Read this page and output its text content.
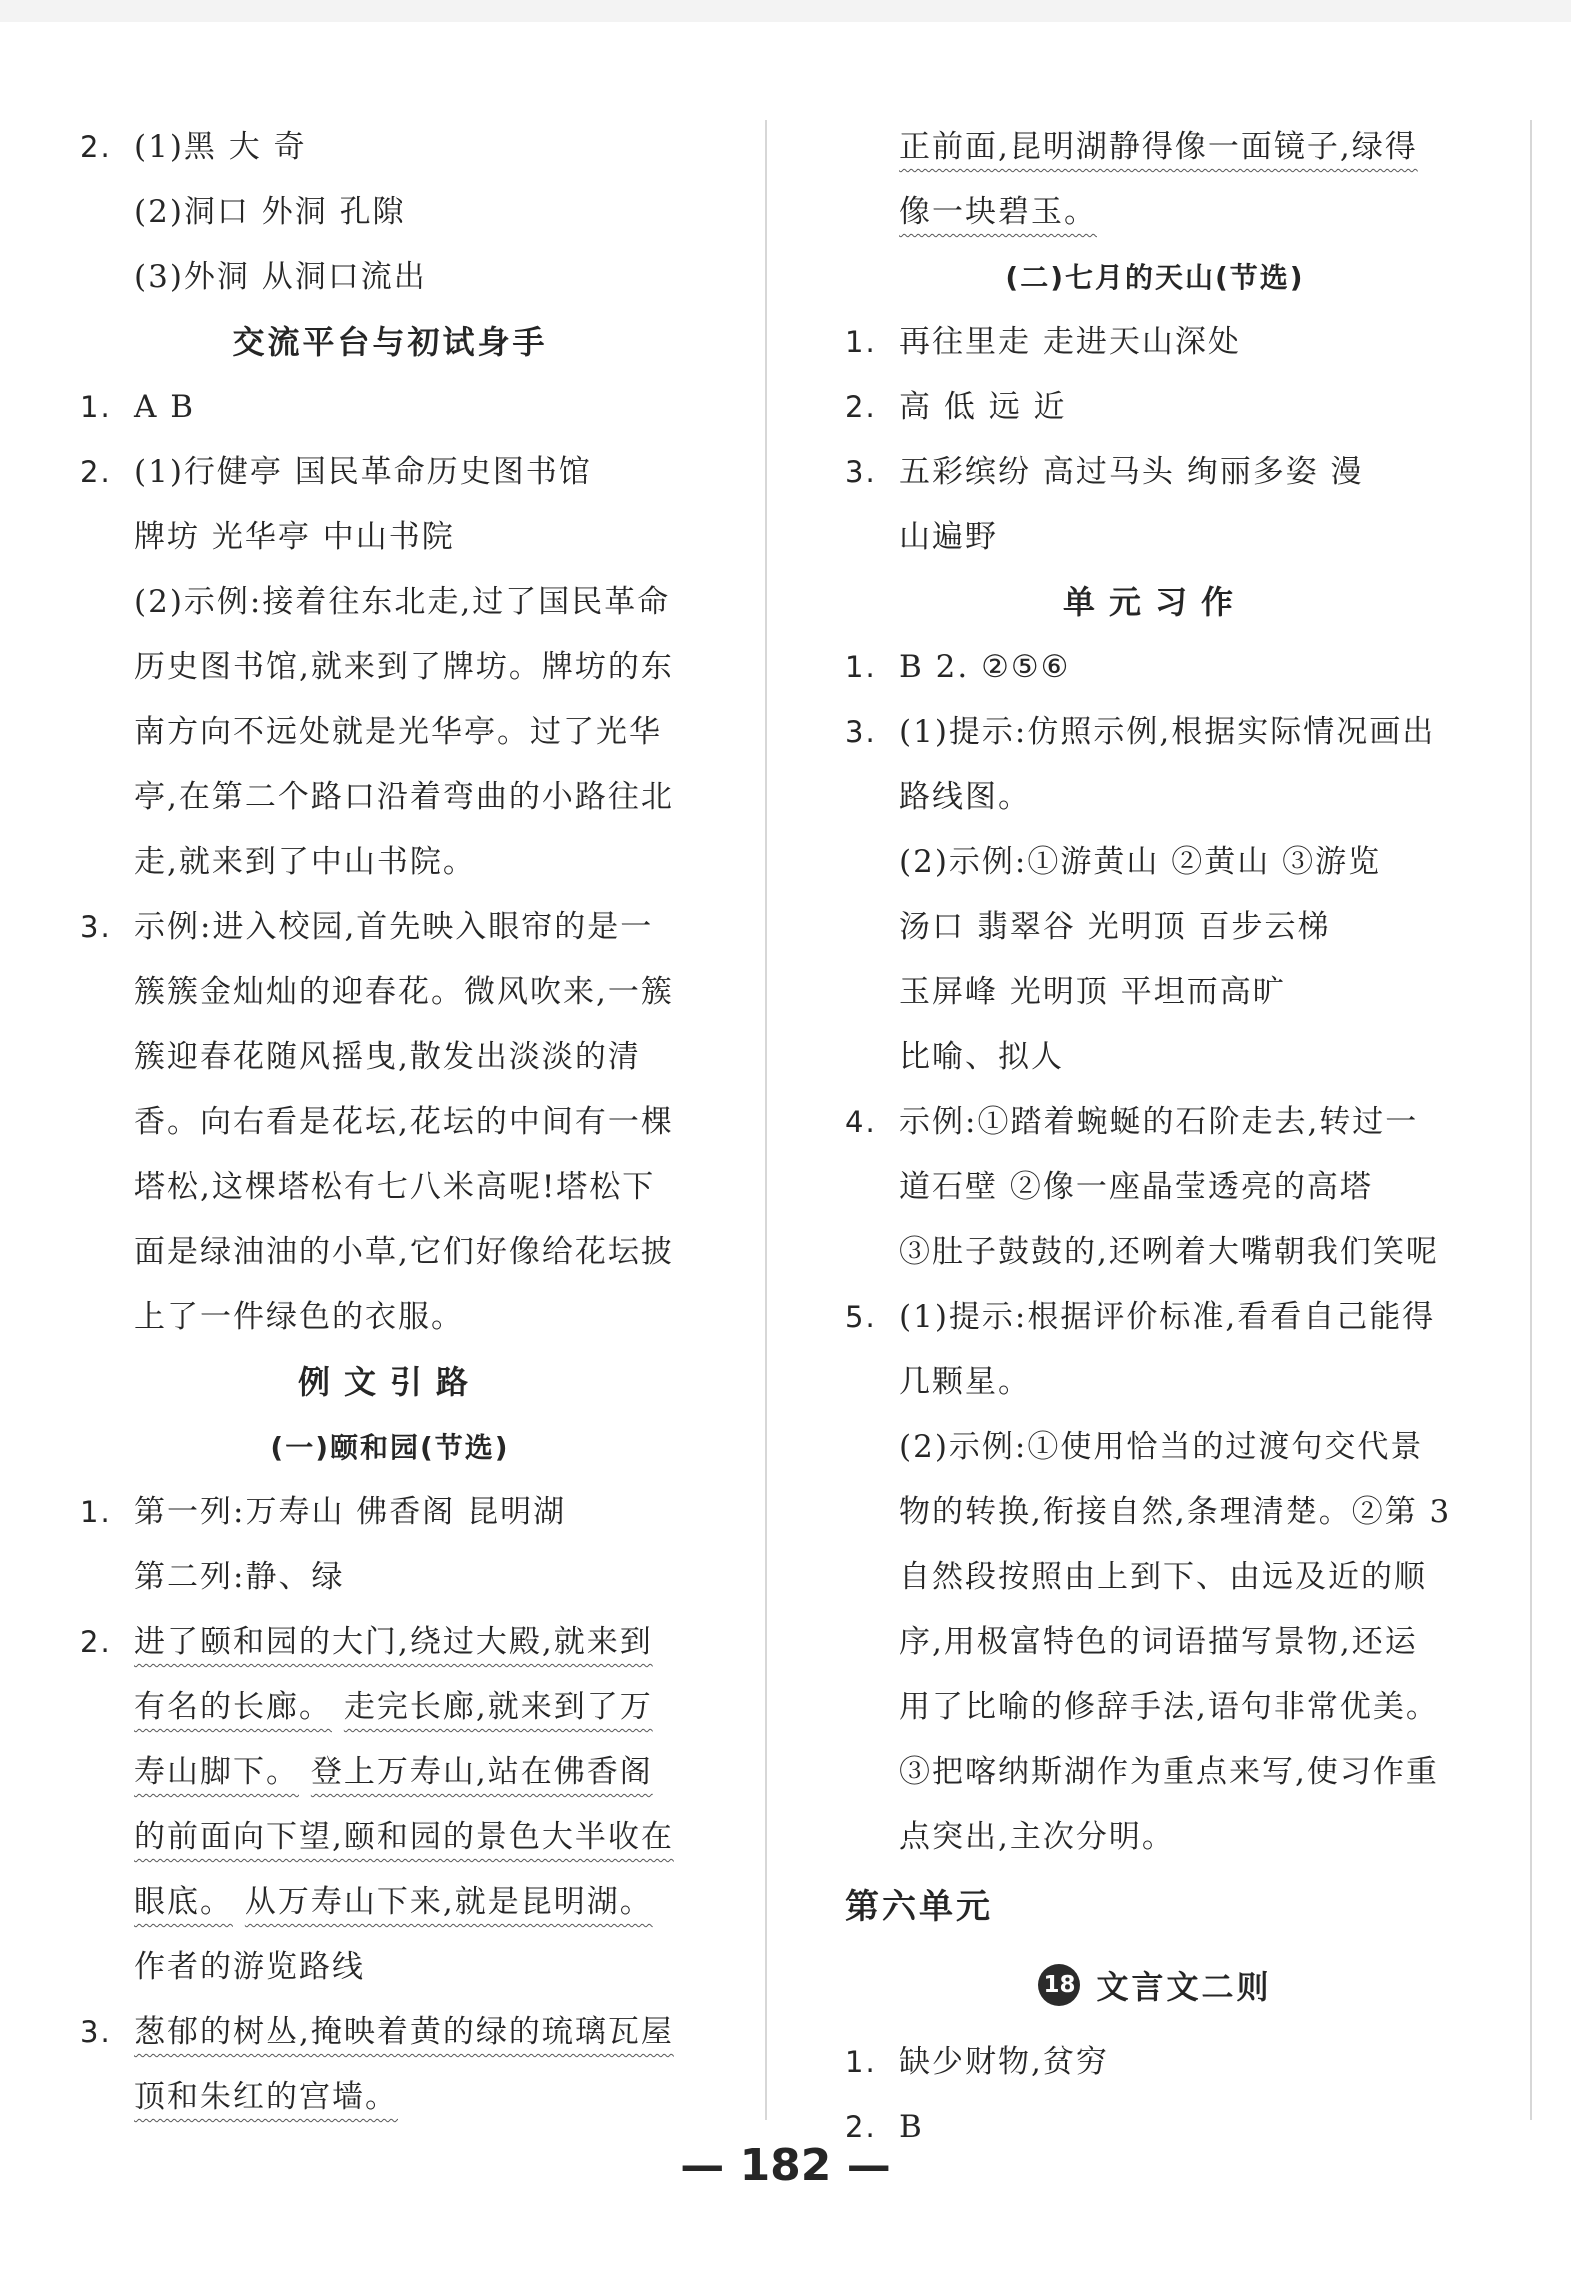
2. (1)黑 大 奇
(2)洞口 外洞 孔隙
(3)外洞 从洞口流出
交流平台与初试身手
1. A B
2. (1)行健亭 国民革命历史图书馆
牌坊 光华亭 中山书院
(2)示例:接着往东北走,过了国民革命
历史图书馆,就来到了牌坊。牌坊的东
南方向不远处就是光华亭。过了光华
亭,在第二个路口沿着弯曲的小路往北
走,就来到了中山书院。
3. 示例:进入校园,首先映入眼帘的是一
簇簇金灿灿的迎春花。微风吹来,一簇
簇迎春花随风摇曳,散发出淡淡的清
香。向右看是花坛,花坛的中间有一棵
塔松,这棵塔松有七八米高呢!塔松下
面是绿油油的小草,它们好像给花坛披
上了一件绿色的衣服。
例文引路
(一)颐和园(节选)
1. 第一列:万寿山 佛香阁 昆明湖
第二列:静、绿
2. 进了颐和园的大门,绕过大殿,就来到
有名的长廊。 走完长廊,就来到了万
寿山脚下。 登上万寿山,站在佛香阁
的前面向下望,颐和园的景色大半收在
眼底。 从万寿山下来,就是昆明湖。
作者的游览路线
3. 葱郁的树丛,掩映着黄的绿的琉璃瓦屋
顶和朱红的宫墙。
正前面,昆明湖静得像一面镜子,绿得
像一块碧玉。
(二)七月的天山(节选)
1. 再往里走 走进天山深处
2. 高 低 远 近
3. 五彩缤纷 高过马头 绚丽多姿 漫
山遍野
单元习作
1. B 2. ②⑤⑥
3. (1)提示:仿照示例,根据实际情况画出
路线图。
(2)示例:①游黄山 ②黄山 ③游览
汤口 翡翠谷 光明顶 百步云梯
玉屏峰 光明顶 平坦而高旷
比喻、拟人
4. 示例:①踏着蜿蜒的石阶走去,转过一
道石壁 ②像一座晶莹透亮的高塔
③肚子鼓鼓的,还咧着大嘴朝我们笑呢
5. (1)提示:根据评价标准,看看自己能得
几颗星。
(2)示例:①使用恰当的过渡句交代景
物的转换,衔接自然,条理清楚。②第 3
自然段按照由上到下、由远及近的顺
序,用极富特色的词语描写景物,还运
用了比喻的修辞手法,语句非常优美。
③把喀纳斯湖作为重点来写,使习作重
点突出,主次分明。
第六单元
18 文言文二则
1. 缺少财物,贫穷
2. B
— 182 —
